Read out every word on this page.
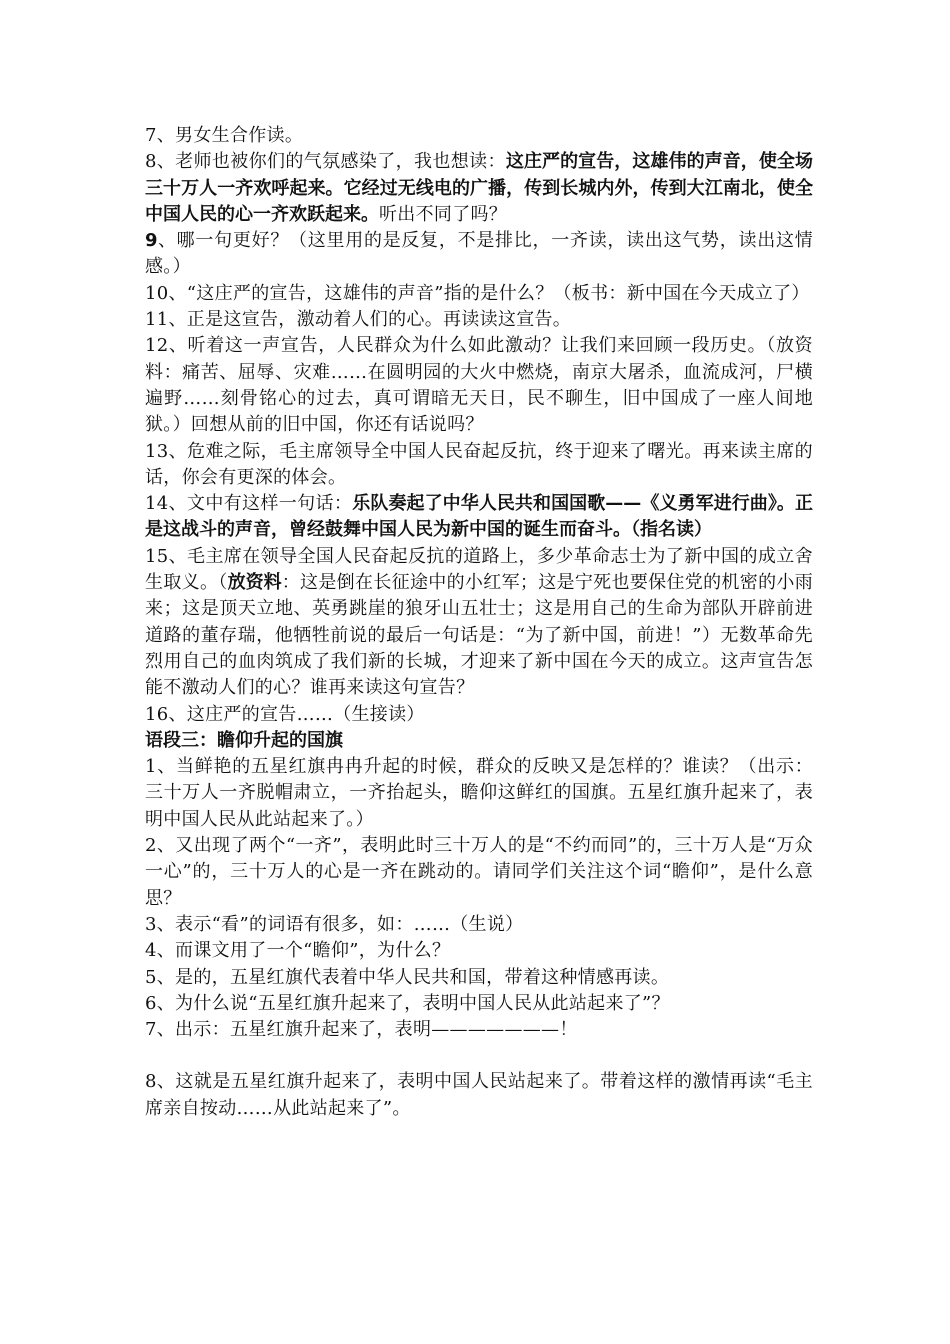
7、男女生合作读。

8、老师也被你们的气氛感染了，我也想读：这庄严的宣告，这雄伟的声音，使全场三十万人一齐欢呼起来。它经过无线电的广播，传到长城内外，传到大江南北，使全中国人民的心一齐欢跃起来。听出不同了吗？

9、哪一句更好？（这里用的是反复，不是排比，一齐读，读出这气势，读出这情感。）

10、“这庄严的宣告，这雄伟的声音”指的是什么？（板书：新中国在今天成立了）

11、正是这宣告，激动着人们的心。再读读这宣告。

12、听着这一声宣告，人民群众为什么如此激动？让我们来回顾一段历史。（放资料：痛苦、屈辱、灾难……在圆明园的大火中燃烧，南京大屠杀，血流成河，尸横遍野……刻骨铭心的过去，真可谓暗无天日，民不聊生，旧中国成了一座人间地狱。）回想从前的旧中国，你还有话说吗？

13、危难之际，毛主席领导全中国人民奋起反抗，终于迎来了曙光。再来读主席的话，你会有更深的体会。

14、文中有这样一句话：乐队奏起了中华人民共和国国歌——《义勇军进行曲》。正是这战斗的声音，曾经鼓舞中国人民为新中国的诞生而奋斗。（指名读）

15、毛主席在领导全国人民奋起反抗的道路上，多少革命志士为了新中国的成立舍生取义。（放资料：这是倒在长征途中的小红军；这是宁死也要保住党的机密的小雨来；这是顶天立地、英勇跳崖的狼牙山五壮士；这是用自己的生命为部队开辟前进道路的董存瑞，他牺牲前说的最后一句话是：“为了新中国，前进！”）无数革命先烈用自己的血肉筑成了我们新的长城，才迎来了新中国在今天的成立。这声宣告怎能不激动人们的心？谁再来读这句宣告？

16、这庄严的宣告……（生接读）

语段三：瞻仰升起的国旗

1、当鲜艳的五星红旗冉冉升起的时候，群众的反映又是怎样的？谁读？（出示：三十万人一齐脱帽肃立，一齐抬起头，瞻仰这鲜红的国旗。五星红旗升起来了，表明中国人民从此站起来了。）

2、又出现了两个“一齐”，表明此时三十万人的是“不约而同”的，三十万人是“万众一心”的，三十万人的心是一齐在跳动的。请同学们关注这个词“瞻仰”，是什么意思？

3、表示“看”的词语有很多，如：……（生说）

4、而课文用了一个“瞻仰”，为什么？

5、是的，五星红旗代表着中华人民共和国，带着这种情感再读。

6、为什么说“五星红旗升起来了，表明中国人民从此站起来了”？

7、出示：五星红旗升起来了，表明———————！

8、这就是五星红旗升起来了，表明中国人民站起来了。带着这样的激情再读“毛主席亲自按动……从此站起来了”。
